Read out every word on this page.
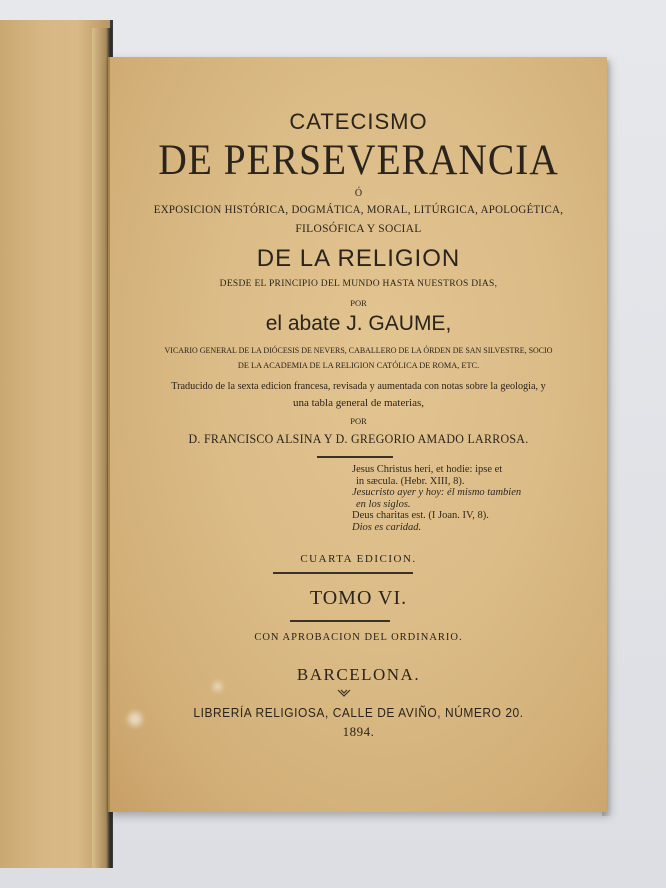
CATECISMO
DE PERSEVERANCIA
Ó
EXPOSICION HISTÓRICA, DOGMÁTICA, MORAL, LITÚRGICA, APOLOGÉTICA,
FILOSÓFICA Y SOCIAL
DE LA RELIGION
DESDE EL PRINCIPIO DEL MUNDO HASTA NUESTROS DIAS,
POR
el abate J. GAUME,
VICARIO GENERAL DE LA DIÓCESIS DE NEVERS, CABALLERO DE LA ÓRDEN DE SAN SILVESTRE, SOCIO
DE LA ACADEMIA DE LA RELIGION CATÓLICA DE ROMA, ETC.
Traducido de la sexta edicion francesa, revisada y aumentada con notas sobre la geologia, y
una tabla general de materias,
POR
D. FRANCISCO ALSINA Y D. GREGORIO AMADO LARROSA.
Jesus Christus heri, et hodie: ipse et
in sæcula. (Hebr. XIII, 8).
Jesucristo ayer y hoy: él mismo tambien
en los siglos.
Deus charitas est. (I Joan. IV, 8).
Dios es caridad.
CUARTA EDICION.
TOMO VI.
CON APROBACION DEL ORDINARIO.
BARCELONA.
LIBRERÍA RELIGIOSA, CALLE DE AVIÑO, NÚMERO 20.
1894.
